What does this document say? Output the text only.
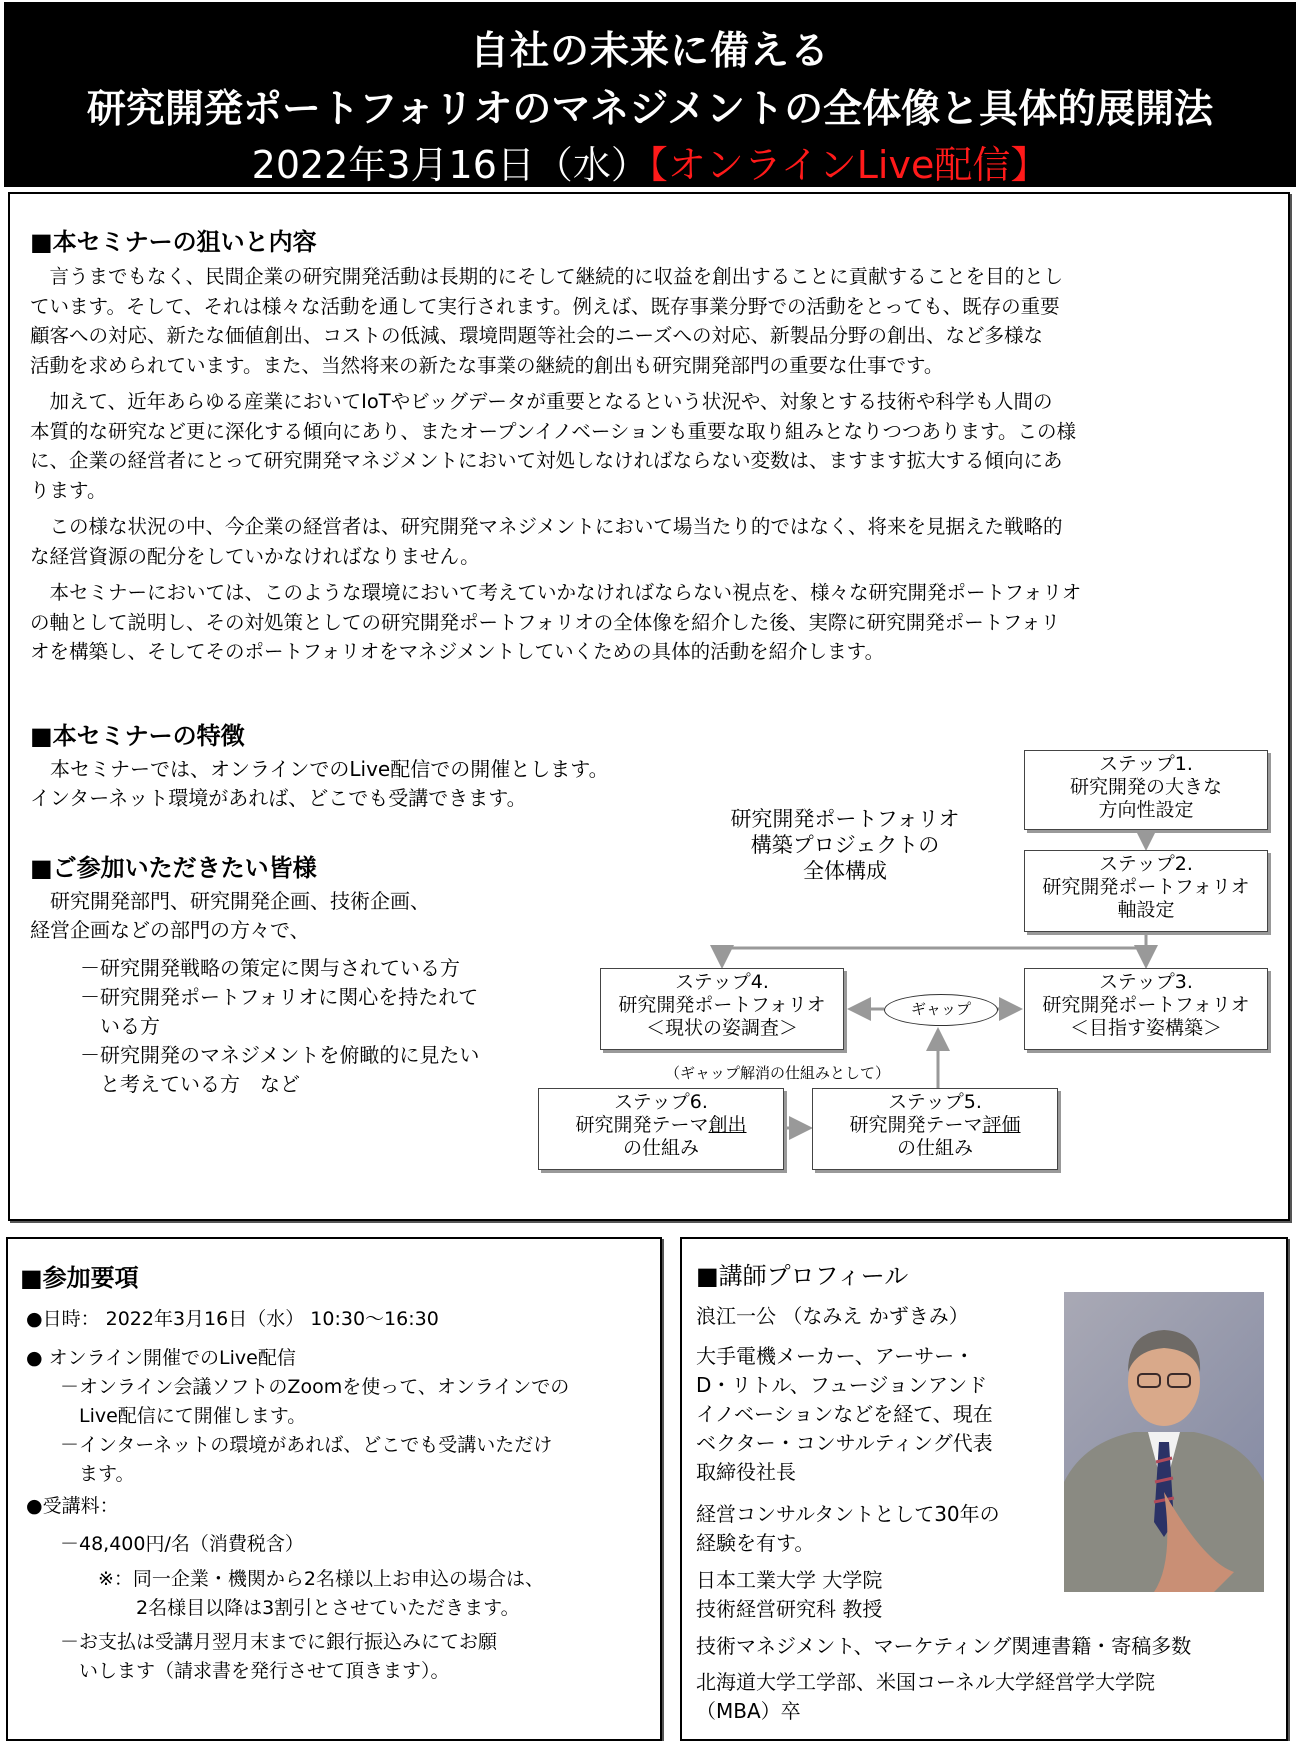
自社の未来に備える
研究開発ポートフォリオのマネジメントの全体像と具体的展開法
2022年3月16日（水）【オンラインLive配信】
■本セミナーの狙いと内容

　言うまでもなく、民間企業の研究開発活動は長期的にそして継続的に収益を創出することに貢献することを目的とし
ています。そして、それは様々な活動を通して実行されます。例えば、既存事業分野での活動をとっても、既存の重要
顧客への対応、新たな価値創出、コストの低減、環境問題等社会的ニーズへの対応、新製品分野の創出、など多様な
活動を求められています。また、当然将来の新たな事業の継続的創出も研究開発部門の重要な仕事です。

　加えて、近年あらゆる産業においてIoTやビッグデータが重要となるという状況や、対象とする技術や科学も人間の
本質的な研究など更に深化する傾向にあり、またオープンイノベーションも重要な取り組みとなりつつあります。この様
に、企業の経営者にとって研究開発マネジメントにおいて対処しなければならない変数は、ますます拡大する傾向にあ
ります。

　この様な状況の中、今企業の経営者は、研究開発マネジメントにおいて場当たり的ではなく、将来を見据えた戦略的
な経営資源の配分をしていかなければなりません。

　本セミナーにおいては、このような環境において考えていかなければならない視点を、様々な研究開発ポートフォリオ
の軸として説明し、その対処策としての研究開発ポートフォリオの全体像を紹介した後、実際に研究開発ポートフォリ
オを構築し、そしてそのポートフォリオをマネジメントしていくための具体的活動を紹介します。

■本セミナーの特徴
　本セミナーでは、オンラインでのLive配信での開催とします。
インターネット環境があれば、どこでも受講できます。
■ご参加いただきたい皆様
　研究開発部門、研究開発企画、技術企画、
経営企画などの部門の方々で、
－研究開発戦略の策定に関与されている方
－研究開発ポートフォリオに関心を持たれて
　いる方
－研究開発のマネジメントを俯瞰的に見たい
　と考えている方　など
研究開発ポートフォリオ
構築プロジェクトの
全体構成
ステップ1.
研究開発の大きな
方向性設定
ステップ2.
研究開発ポートフォリオ
軸設定
ステップ3.
研究開発ポートフォリオ
＜目指す姿構築＞
ステップ4.
研究開発ポートフォリオ
＜現状の姿調査＞
ギャップ
（ギャップ解消の仕組みとして）
ステップ6.
研究開発テーマ創出
の仕組み
ステップ5.
研究開発テーマ評価
の仕組み
■参加要項
●日時： 2022年3月16日（水） 10:30～16:30
● オンライン開催でのLive配信
－オンライン会議ソフトのZoomを使って、オンラインでの
　Live配信にて開催します。
－インターネットの環境があれば、どこでも受講いただけ
　ます。
●受講料：
－48,400円/名（消費税含）
※：同一企業・機関から2名様以上お申込の場合は、
　　2名様目以降は3割引とさせていただきます。
－お支払は受講月翌月末までに銀行振込みにてお願
　いします（請求書を発行させて頂きます）。
■講師プロフィール
浪江一公 （なみえ かずきみ）
大手電機メーカー、アーサー・
D・リトル、フュージョンアンド
イノベーションなどを経て、現在
ベクター・コンサルティング代表
取締役社長
経営コンサルタントとして30年の
経験を有す。
日本工業大学 大学院
技術経営研究科 教授
技術マネジメント、マーケティング関連書籍・寄稿多数
北海道大学工学部、米国コーネル大学経営学大学院
（MBA）卒
